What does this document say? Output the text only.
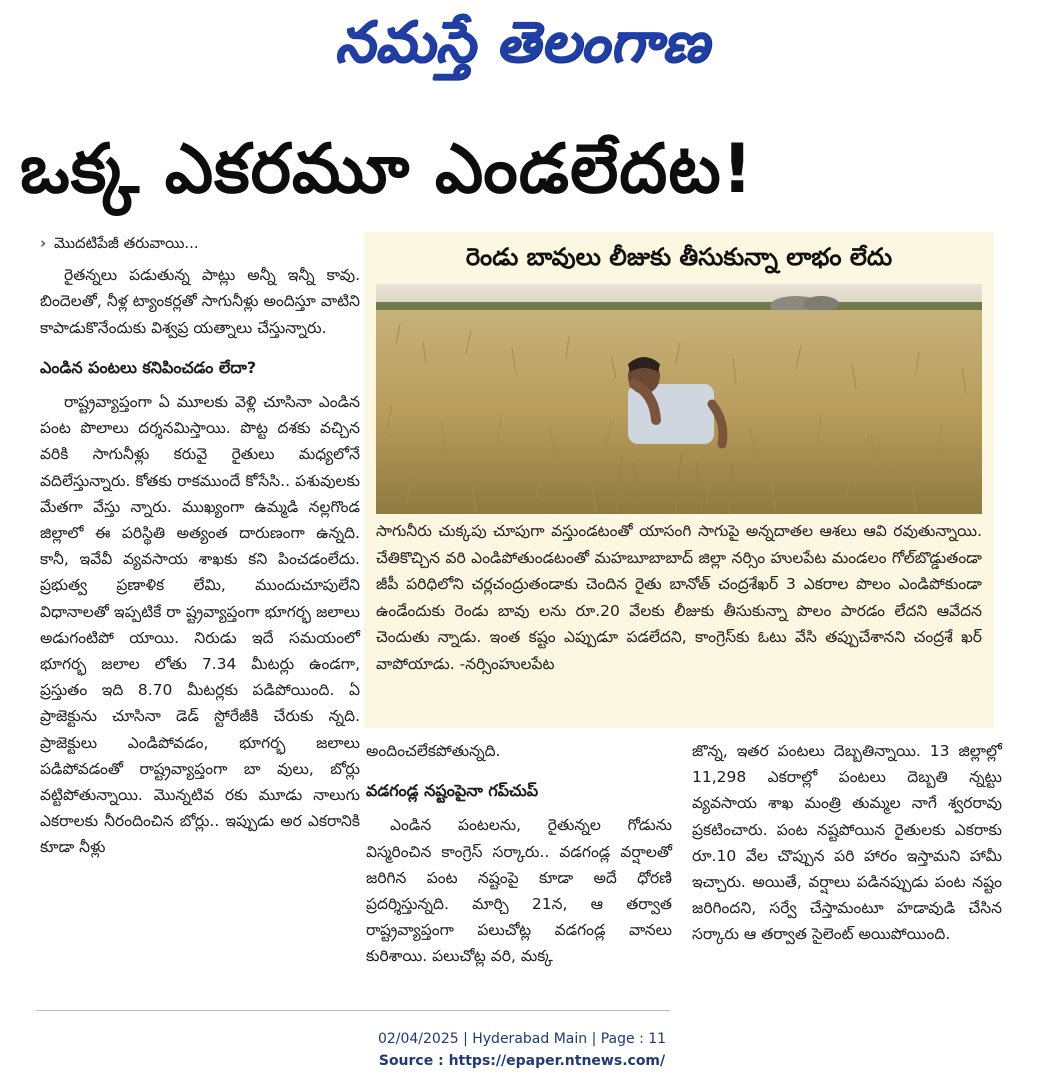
నమస్తే తెలంగాణ
ఒక్క ఎకరమూ ఎండలేదట!

› మొదటిపేజీ తరువాయి...

రైతన్నలు పడుతున్న పాట్లు అన్నీ ఇన్నీ కావు. బిందెలతో, నీళ్ల ట్యాంకర్లతో సాగునీళ్లు అందిస్తూ వాటిని కాపాడుకొనేందుకు విశ్వప్ర యత్నాలు చేస్తున్నారు.

ఎండిన పంటలు కనిపించడం లేదా?

రాష్ట్రవ్యాప్తంగా ఏ మూలకు వెళ్లి చూసినా ఎండిన పంట పొలాలు దర్శనమిస్తాయి. పొట్ట దశకు వచ్చిన వరికి సాగునీళ్లు కరువై రైతులు మధ్యలోనే వదిలేస్తున్నారు. కోతకు రాకముందే కోసేసి.. పశువులకు మేతగా వేస్తు న్నారు. ముఖ్యంగా ఉమ్మడి నల్లగొండ జిల్లాలో ఈ పరిస్థితి అత్యంత దారుణంగా ఉన్నది. కానీ, ఇవేవీ వ్యవసాయ శాఖకు కని పించడంలేదు. ప్రభుత్వ ప్రణాళిక లేమి, ముందుచూపులేని విధానాలతో ఇప్పటికే రా ష్ట్రవ్యాప్తంగా భూగర్భ జలాలు అడుగంటిపో యాయి. నిరుడు ఇదే సమయంలో భూగర్భ జలాల లోతు 7.34 మీటర్లు ఉండగా, ప్రస్తుతం ఇది 8.70 మీటర్లకు పడిపోయింది. ఏ ప్రాజెక్టును చూసినా డెడ్ స్టోరేజీకి చేరుకు న్నది. ప్రాజెక్టులు ఎండిపోవడం, భూగర్భ జలాలు పడిపోవడంతో రాష్ట్రవ్యాప్తంగా బా వులు, బోర్లు వట్టిపోతున్నాయి. మొన్నటివ రకు మూడు నాలుగు ఎకరాలకు నీరందించిన బోర్లు.. ఇప్పుడు అర ఎకరానికి కూడా నీళ్లు

రెండు బావులు లీజుకు తీసుకున్నా లాభం లేదు
సాగునీరు చుక్కపు చూపుగా వస్తుండటంతో యాసంగి సాగుపై అన్నదాతల ఆశలు ఆవి రవుతున్నాయి. చేతికొచ్చిన వరి ఎండిపోతుండటంతో మహబూబాబాద్ జిల్లా నర్సిం హులపేట మండలం గోల్‌బొడ్డుతండా జీపీ పరిధిలోని చర్లచంద్రుతండాకు చెందిన రైతు బానోత్ చంద్రశేఖర్ 3 ఎకరాల పొలం ఎండిపోకుండా ఉండేందుకు రెండు బావు లను రూ.20 వేలకు లీజుకు తీసుకున్నా పొలం పారడం లేదని ఆవేదన చెందుతు న్నాడు. ఇంత కష్టం ఎప్పుడూ పడలేదని, కాంగ్రెస్‌కు ఓటు వేసి తప్పుచేశానని చంద్రశే ఖర్ వాపోయాడు. -నర్సింహులపేట

అందించలేకపోతున్నది.

వడగండ్ల నష్టంపైనా గప్‌చుప్

ఎండిన పంటలను, రైతున్నల గోడును విస్మరించిన కాంగ్రెస్ సర్కారు.. వడగండ్ల వర్షాలతో జరిగిన పంట నష్టంపై కూడా అదే ధోరణి ప్రదర్శిస్తున్నది. మార్చి 21న, ఆ తర్వాత రాష్ట్రవ్యాప్తంగా పలుచోట్ల వడగండ్ల వానలు కురిశాయి. పలుచోట్ల వరి, మక్క

జొన్న, ఇతర పంటలు దెబ్బతిన్నాయి. 13 జిల్లాల్లో 11,298 ఎకరాల్లో పంటలు దెబ్బతి న్నట్టు వ్యవసాయ శాఖ మంత్రి తుమ్మల నాగే శ్వరరావు ప్రకటించారు. పంట నష్టపోయిన రైతులకు ఎకరాకు రూ.10 వేల చొప్పున పరి హారం ఇస్తామని హామీ ఇచ్చారు. అయితే, వర్షాలు పడినప్పుడు పంట నష్టం జరిగిందని, సర్వే చేస్తామంటూ హడావుడి చేసిన సర్కారు ఆ తర్వాత సైలెంట్ అయిపోయింది.

02/04/2025 | Hyderabad Main | Page : 11
Source : https://epaper.ntnews.com/
